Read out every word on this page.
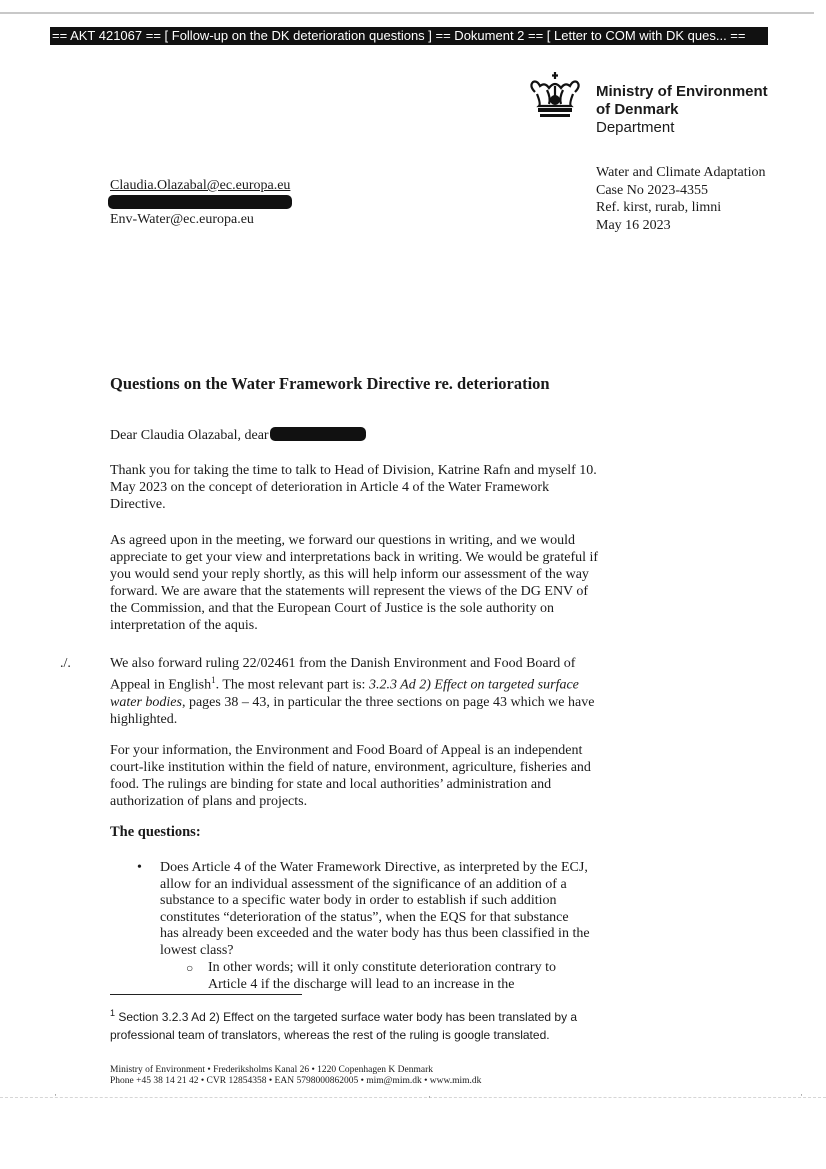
== AKT 421067 == [ Follow-up on the DK deterioration questions ] == Dokument 2 == [ Letter to COM with DK ques... ==
Ministry of Environment
of Denmark
Department
Water and Climate Adaptation
Case No 2023-4355
Ref. kirst, rurab, limni
May 16 2023
Claudia.Olazabal@ec.europa.eu
Env-Water@ec.europa.eu
Questions on the Water Framework Directive re. deterioration
Dear Claudia Olazabal, dear

Thank you for taking the time to talk to Head of Division, Katrine Rafn and myself 10. May 2023 on the concept of deterioration in Article 4 of the Water Framework Directive.

As agreed upon in the meeting, we forward our questions in writing, and we would appreciate to get your view and interpretations back in writing. We would be grateful if you would send your reply shortly, as this will help inform our assessment of the way forward. We are aware that the statements will represent the views of the DG ENV of the Commission, and that the European Court of Justice is the sole authority on interpretation of the aquis.

./.	We also forward ruling 22/02461 from the Danish Environment and Food Board of Appeal in English$^1$. The most relevant part is: 3.2.3 Ad 2) Effect on targeted surface water bodies, pages 38 – 43, in particular the three sections on page 43 which we have highlighted.

For your information, the Environment and Food Board of Appeal is an independent court-like institution within the field of nature, environment, agriculture, fisheries and food. The rulings are binding for state and local authorities’ administration and authorization of plans and projects.

The questions:
• Does Article 4 of the Water Framework Directive, as interpreted by the ECJ, allow for an individual assessment of the significance of an addition of a substance to a specific water body in order to establish if such addition constitutes “deterioration of the status”, when the EQS for that substance has already been exceeded and the water body has thus been classified in the lowest class?
○ In other words; will it only constitute deterioration contrary to Article 4 if the discharge will lead to an increase in the
$^1$ Section 3.2.3 Ad 2) Effect on the targeted surface water body has been translated by a professional team of translators, whereas the rest of the ruling is google translated.
Ministry of Environment • Frederiksholms Kanal 26 • 1220 Copenhagen K Denmark
Phone +45 38 14 21 42 • CVR 12854358 • EAN 5798000862005 • mim@mim.dk • www.mim.dk
·	·	·
